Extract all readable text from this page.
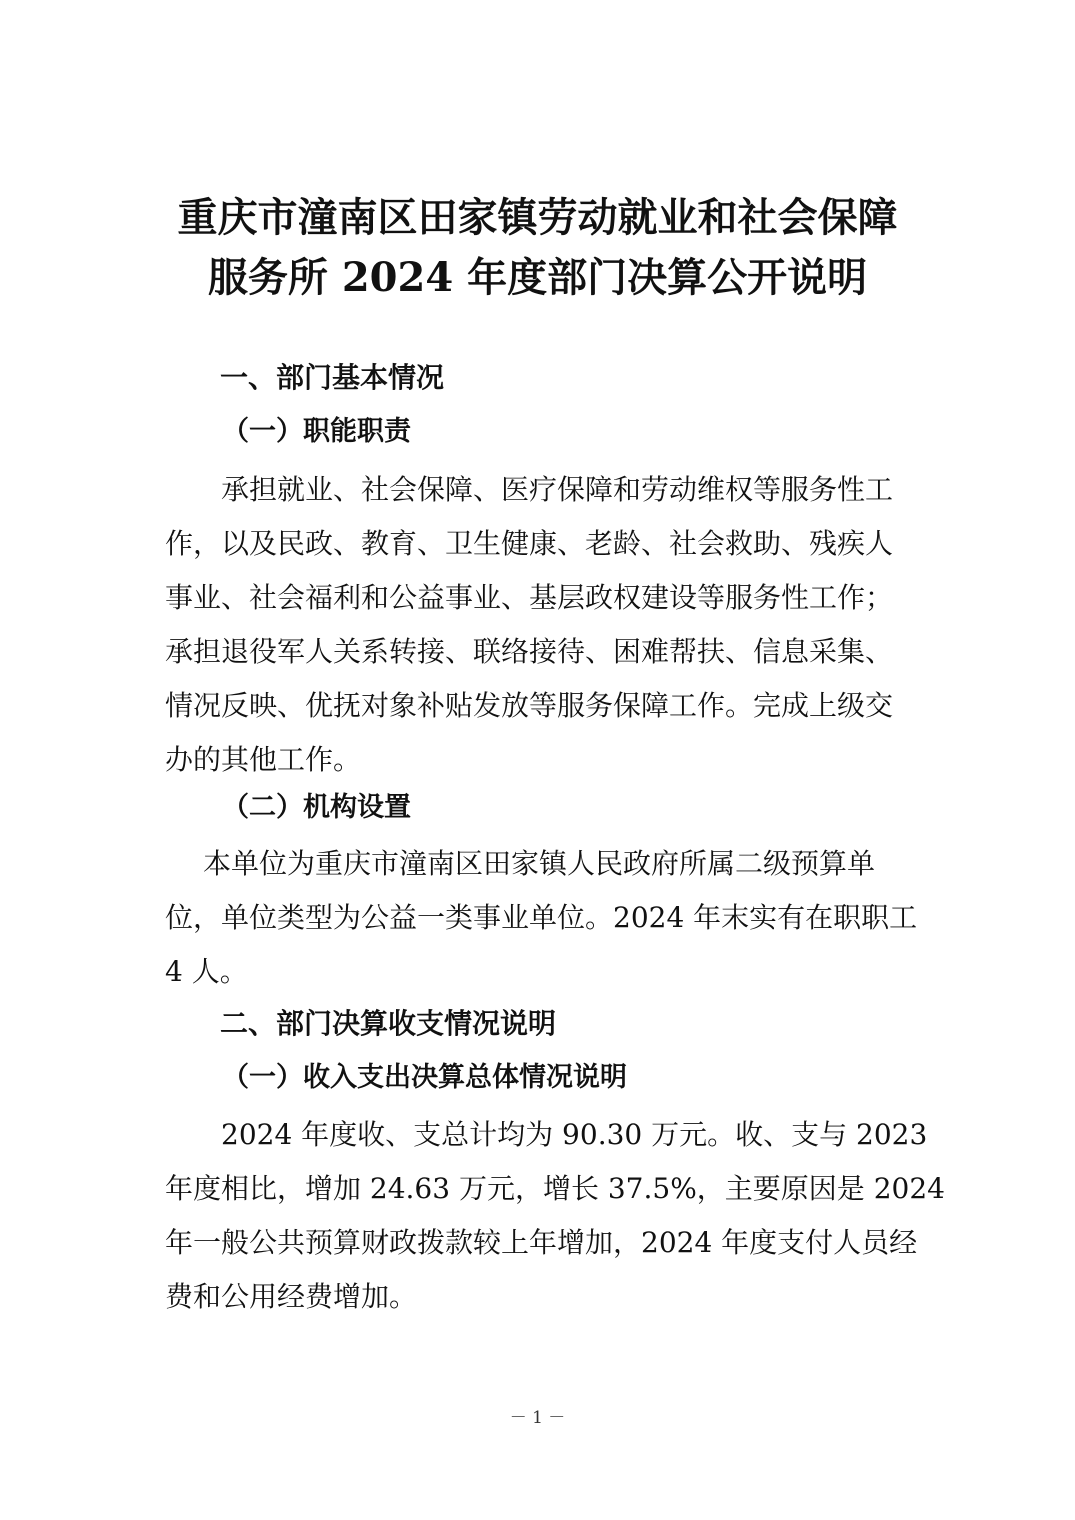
重庆市潼南区田家镇劳动就业和社会保障
服务所 2024 年度部门决算公开说明
一、部门基本情况
（一）职能职责
承担就业、社会保障、医疗保障和劳动维权等服务性工
作，以及民政、教育、卫生健康、老龄、社会救助、残疾人
事业、社会福利和公益事业、基层政权建设等服务性工作；
承担退役军人关系转接、联络接待、困难帮扶、信息采集、
情况反映、优抚对象补贴发放等服务保障工作。完成上级交
办的其他工作。
（二）机构设置
本单位为重庆市潼南区田家镇人民政府所属二级预算单
位，单位类型为公益一类事业单位。2024 年末实有在职职工
4 人。
二、部门决算收支情况说明
（一）收入支出决算总体情况说明
2024 年度收、支总计均为 90.30 万元。收、支与 2023
年度相比，增加 24.63 万元，增长 37.5%，主要原因是 2024
年一般公共预算财政拨款较上年增加，2024 年度支付人员经
费和公用经费增加。
－ 1 －
